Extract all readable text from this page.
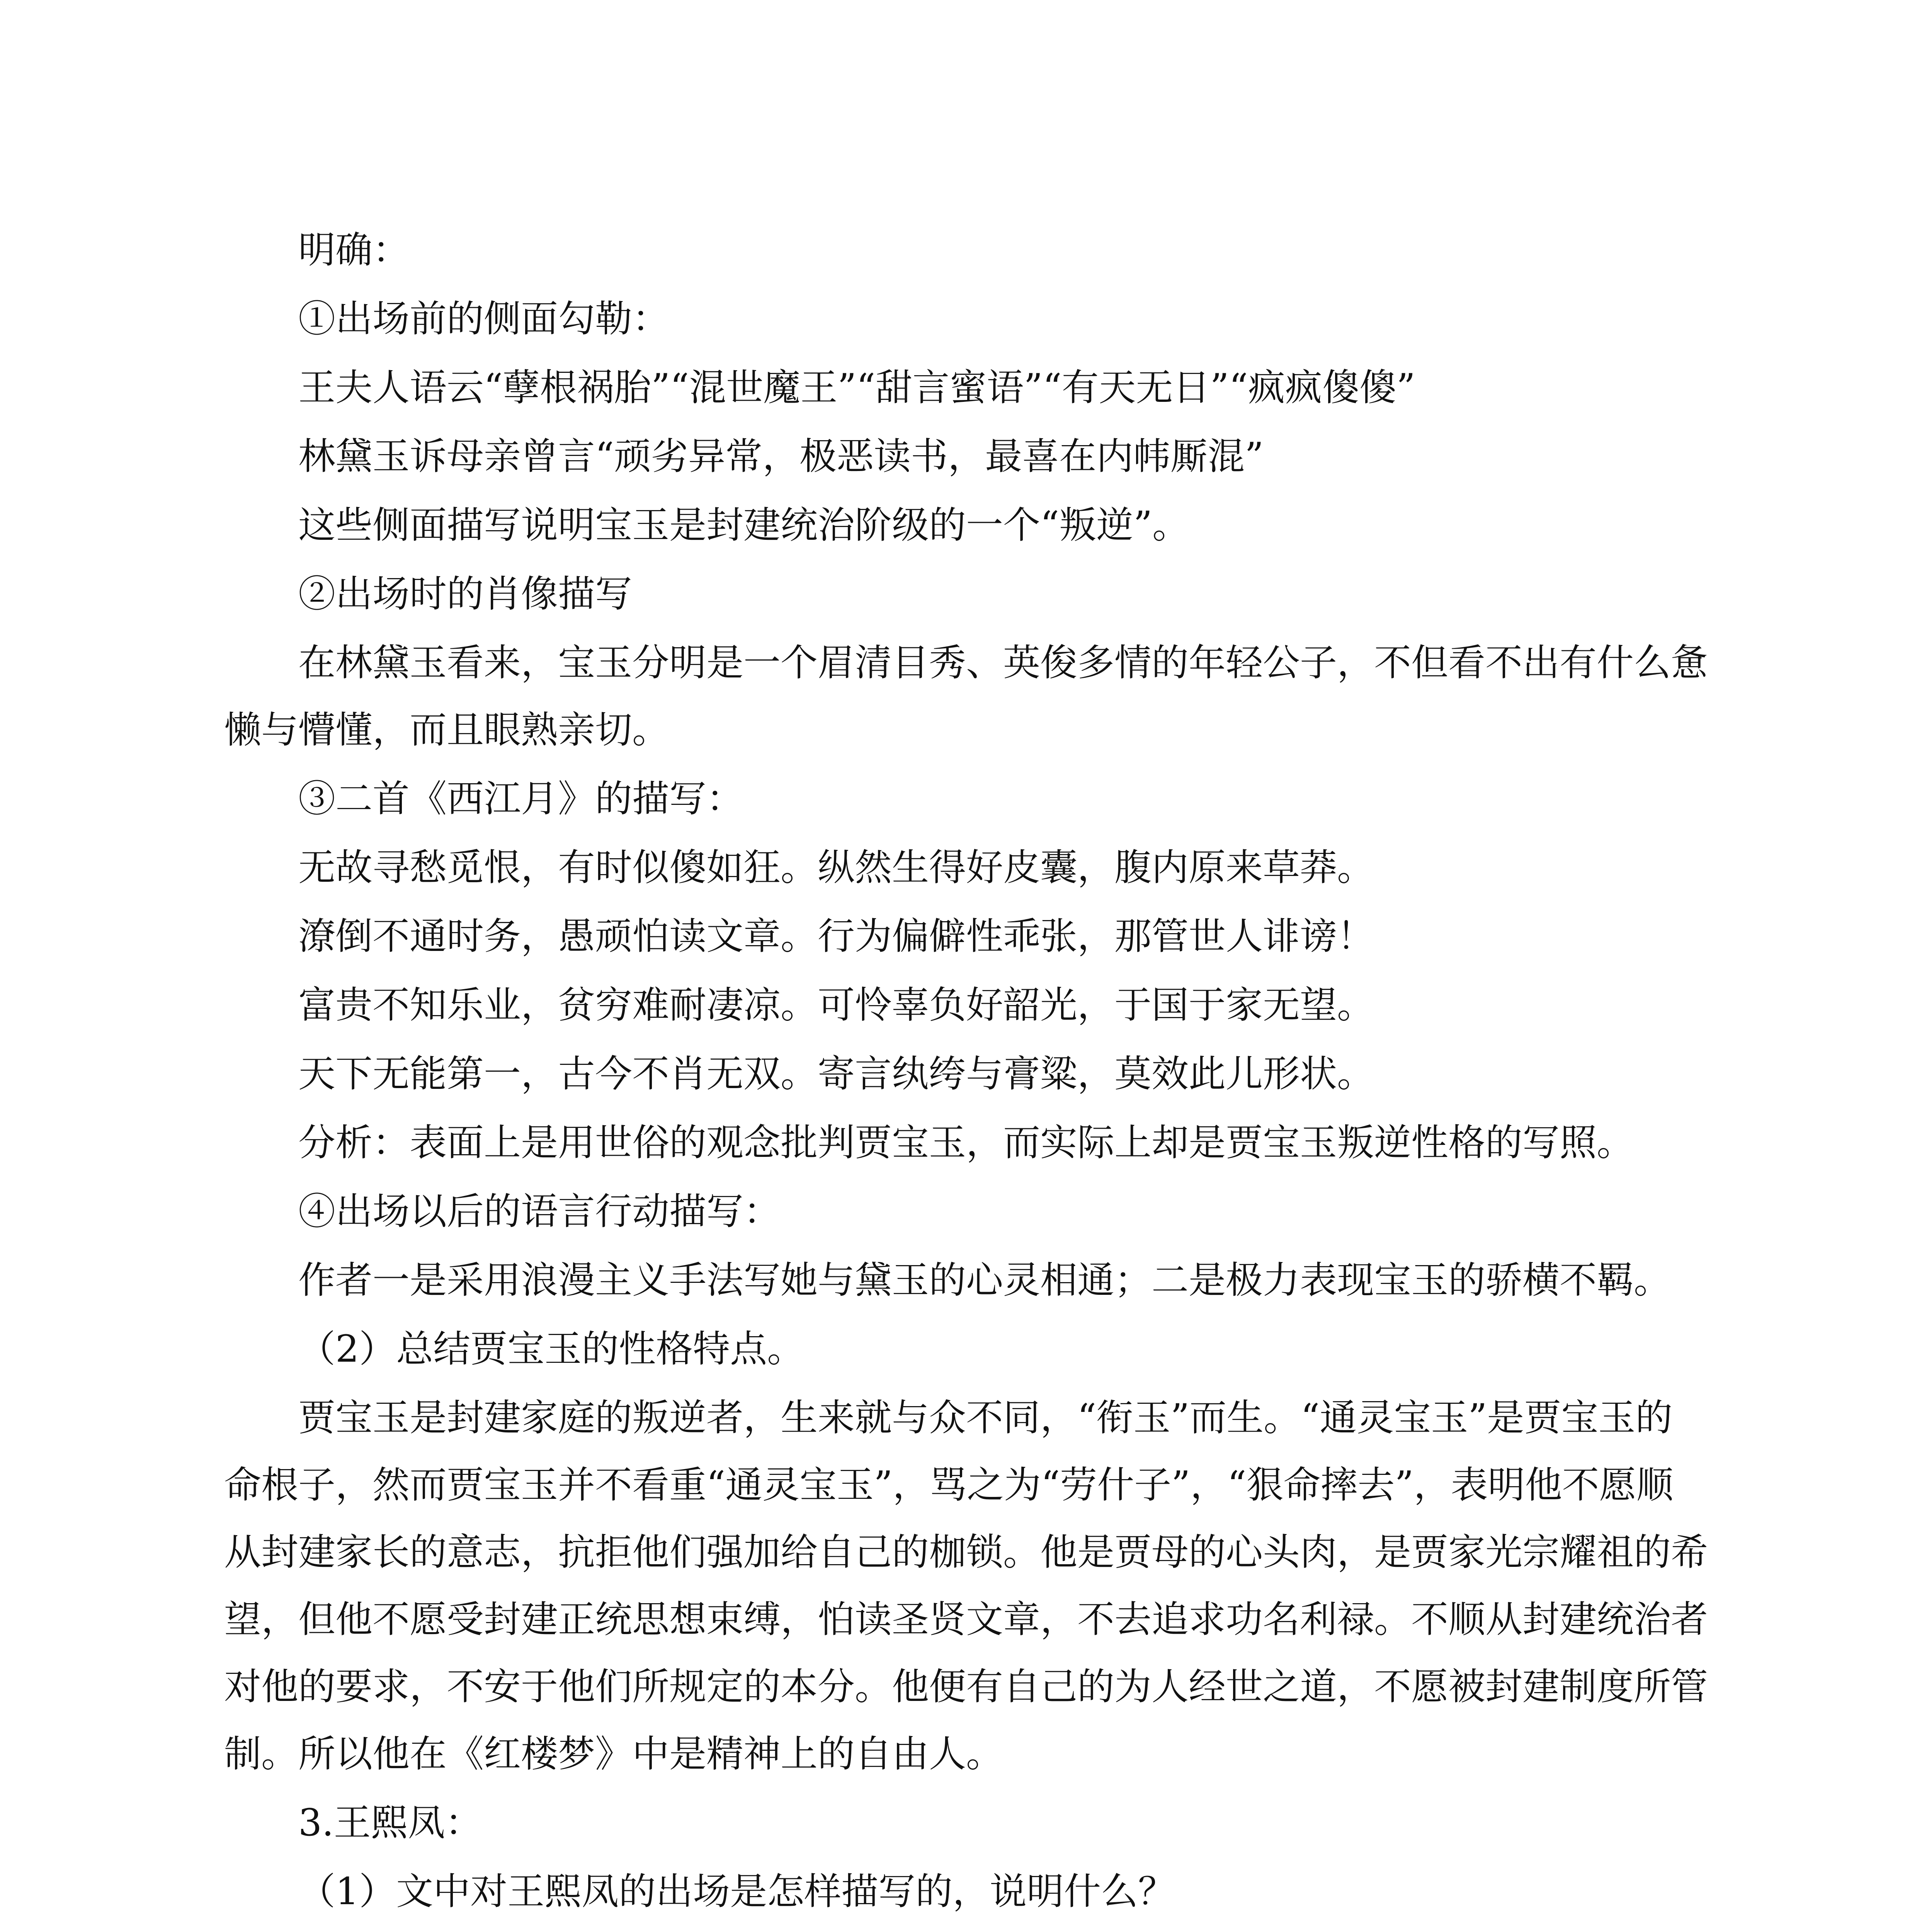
明确：

①出场前的侧面勾勒：

王夫人语云“孽根祸胎”“混世魔王”“甜言蜜语”“有天无日”“疯疯傻傻”

林黛玉诉母亲曾言“顽劣异常，极恶读书，最喜在内帏厮混”

这些侧面描写说明宝玉是封建统治阶级的一个“叛逆”。

②出场时的肖像描写

在林黛玉看来，宝玉分明是一个眉清目秀、英俊多情的年轻公子，不但看不出有什么惫懒与懵懂，而且眼熟亲切。

③二首《西江月》的描写：

无故寻愁觅恨，有时似傻如狂。纵然生得好皮囊，腹内原来草莽。

潦倒不通时务，愚顽怕读文章。行为偏僻性乖张，那管世人诽谤！

富贵不知乐业，贫穷难耐凄凉。可怜辜负好韶光，于国于家无望。

天下无能第一，古今不肖无双。寄言纨绔与膏粱，莫效此儿形状。

分析：表面上是用世俗的观念批判贾宝玉，而实际上却是贾宝玉叛逆性格的写照。

④出场以后的语言行动描写：

作者一是采用浪漫主义手法写她与黛玉的心灵相通；二是极力表现宝玉的骄横不羁。

（2）总结贾宝玉的性格特点。

贾宝玉是封建家庭的叛逆者，生来就与众不同，“衔玉”而生。“通灵宝玉”是贾宝玉的命根子，然而贾宝玉并不看重“通灵宝玉”，骂之为“劳什子”，“狠命摔去”，表明他不愿顺从封建家长的意志，抗拒他们强加给自己的枷锁。他是贾母的心头肉，是贾家光宗耀祖的希望，但他不愿受封建正统思想束缚，怕读圣贤文章，不去追求功名利禄。不顺从封建统治者对他的要求，不安于他们所规定的本分。他便有自己的为人经世之道，不愿被封建制度所管制。所以他在《红楼梦》中是精神上的自由人。

3.王熙凤：

（1）文中对王熙凤的出场是怎样描写的，说明什么？
